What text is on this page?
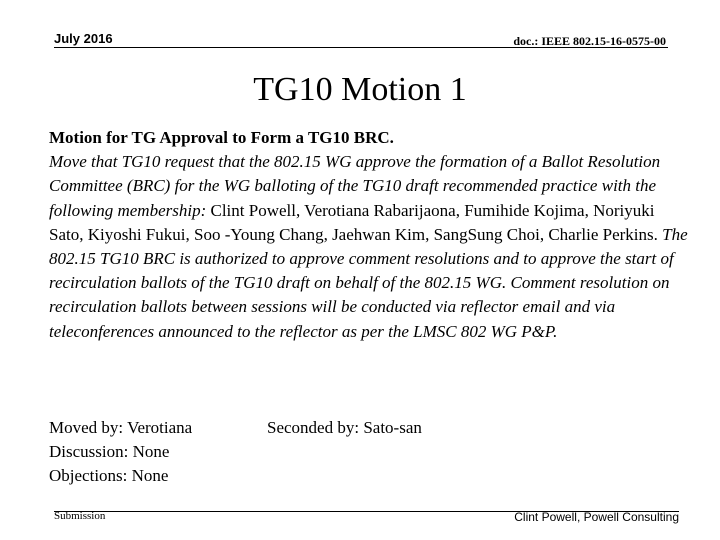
July 2016	doc.: IEEE 802.15-16-0575-00
TG10 Motion 1

Motion for TG Approval to Form a TG10 BRC.

Move that TG10 request that the 802.15 WG approve the formation of a Ballot Resolution Committee (BRC) for the WG balloting of the TG10 draft recommended practice with the following membership: Clint Powell, Verotiana Rabarijaona, Fumihide Kojima, Noriyuki Sato, Kiyoshi Fukui, Soo -Young Chang, Jaehwan Kim, SangSung Choi, Charlie Perkins. The 802.15 TG10 BRC is authorized to approve comment resolutions and to approve the start of recirculation ballots of the TG10 draft on behalf of the 802.15 WG. Comment resolution on recirculation ballots between sessions will be conducted via reflector email and via teleconferences announced to the reflector as per the LMSC 802 WG P&P.

Moved by: Verotiana
Discussion: None
Objections: None
Seconded by: Sato-san
Submission	Clint Powell, Powell Consulting
